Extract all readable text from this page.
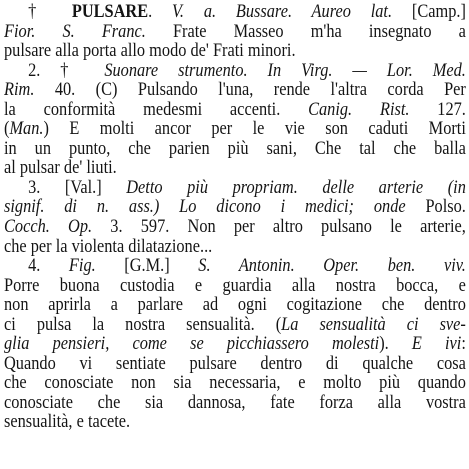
† PULSARE. V. a. Bussare. Aureo lat. [Camp.]
Fior. S. Franc. Frate Masseo m'ha insegnato a
pulsare alla porta allo modo de' Frati minori.
2. † Suonare strumento. In Virg. — Lor. Med.
Rim. 40. (C) Pulsando l'una, rende l'altra corda Per
la conformità medesmi accenti. Canig. Rist. 127.
(Man.) E molti ancor per le vie son caduti Morti
in un punto, che parien più sani, Che tal che balla
al pulsar de' liuti.
3. [Val.] Detto più propriam. delle arterie (in
signif. di n. ass.) Lo dicono i medici; onde Polso.
Cocch. Op. 3. 597. Non per altro pulsano le arterie,
che per la violenta dilatazione...
4. Fig. [G.M.] S. Antonin. Oper. ben. viv.
Porre buona custodia e guardia alla nostra bocca, e
non aprirla a parlare ad ogni cogitazione che dentro
ci pulsa la nostra sensualità. (La sensualità ci sve-
glia pensieri, come se picchiassero molesti). E ivi:
Quando vi sentiate pulsare dentro di qualche cosa
che conosciate non sia necessaria, e molto più quando
conosciate che sia dannosa, fate forza alla vostra
sensualità, e tacete.
